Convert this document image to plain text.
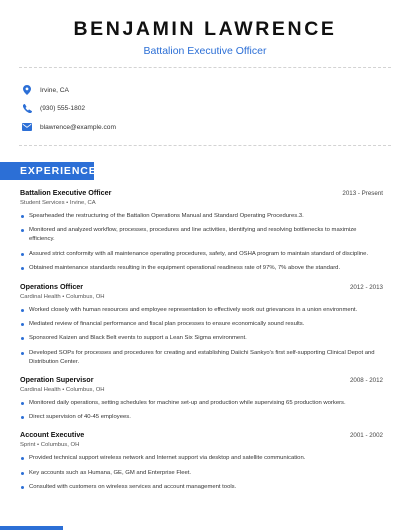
BENJAMIN LAWRENCE
Battalion Executive Officer
Irvine, CA
(930) 555-1802
blawrence@example.com
EXPERIENCE
Battalion Executive Officer	2013 - Present
Student Services • Irvine, CA
Spearheaded the restructuring of the Battalion Operations Manual and Standard Operating Procedures.3.
Monitored and analyzed workflow, processes, procedures and line activities, identifying and resolving bottlenecks to maximize efficiency.
Assured strict conformity with all maintenance operating procedures, safety, and OSHA program to maintain standard of discipline.
Obtained maintenance standards resulting in the equipment operational readiness rate of 97%, 7% above the standard.
Operations Officer	2012 - 2013
Cardinal Health • Columbus, OH
Worked closely with human resources and employee representation to effectively work out grievances in a union environment.
Mediated review of financial performance and fiscal plan processes to ensure economically sound results.
Sponsored Kaizen and Black Belt events to support a Lean Six Sigma environment.
Developed SOPs for processes and procedures for creating and establishing Daiichi Sankyo's first self-supporting Clinical Depot and Distribution Center.
Operation Supervisor	2008 - 2012
Cardinal Health • Columbus, OH
Monitored daily operations, setting schedules for machine set-up and production while supervising 65 production workers.
Direct supervision of 40-45 employees.
Account Executive	2001 - 2002
Sprint • Columbus, OH
Provided technical support wireless network and Internet support via desktop and satellite communication.
Key accounts such as Humana, GE, GM and Enterprise Fleet.
Consulted with customers on wireless services and account management tools.
